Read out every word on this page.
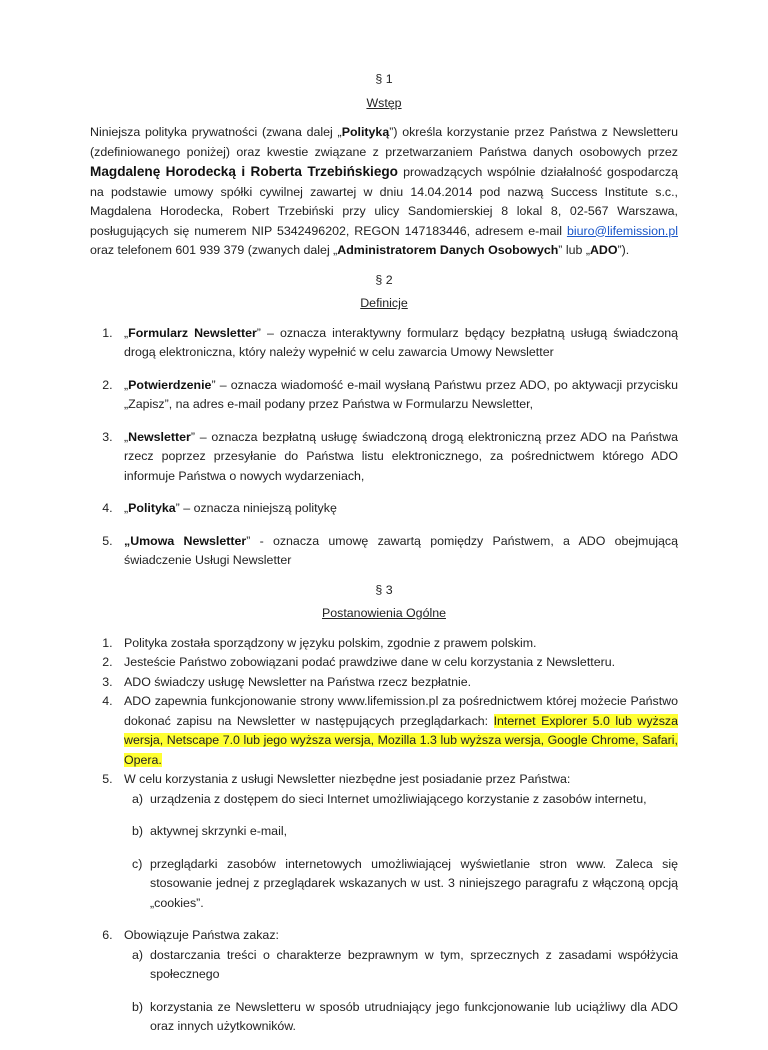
§ 1

Wstęp

Niniejsza polityka prywatności (zwana dalej „Polityką”) określa korzystanie przez Państwa z Newsletteru (zdefiniowanego poniżej) oraz kwestie związane z przetwarzaniem Państwa danych osobowych przez Magdalenę Horodecką i Roberta Trzebińskiego prowadzących wspólnie działalność gospodarczą na podstawie umowy spółki cywilnej zawartej w dniu 14.04.2014 pod nazwą Success Institute s.c., Magdalena Horodecka, Robert Trzebiński przy ulicy Sandomierskiej 8 lokal 8, 02-567 Warszawa, posługujących się numerem NIP 5342496202, REGON 147183446, adresem e-mail biuro@lifemission.pl oraz telefonem 601 939 379 (zwanych dalej „Administratorem Danych Osobowych” lub „ADO”).

§ 2

Definicje

1. „Formularz Newsletter” – oznacza interaktywny formularz będący bezpłatną usługą świadczoną drogą elektroniczna, który należy wypełnić w celu zawarcia Umowy Newsletter
2. „Potwierdzenie” – oznacza wiadomość e-mail wysłaną Państwu przez ADO, po aktywacji przycisku „Zapisz”, na adres e-mail podany przez Państwa w Formularzu Newsletter,
3. „Newsletter” – oznacza bezpłatną usługę świadczoną drogą elektroniczną przez ADO na Państwa rzecz poprzez przesyłanie do Państwa listu elektronicznego, za pośrednictwem którego ADO informuje Państwa o nowych wydarzeniach,
4. „Polityka” – oznacza niniejszą politykę
5. „Umowa Newsletter” - oznacza umowę zawartą pomiędzy Państwem, a ADO obejmującą świadczenie Usługi Newsletter

§ 3

Postanowienia Ogólne

1. Polityka została sporządzony w języku polskim, zgodnie z prawem polskim.
2. Jesteście Państwo zobowiązani podać prawdziwe dane w celu korzystania z Newsletteru.
3. ADO świadczy usługę Newsletter na Państwa rzecz bezpłatnie.
4. ADO zapewnia funkcjonowanie strony www.lifemission.pl za pośrednictwem której możecie Państwo dokonać zapisu na Newsletter w następujących przeglądarkach: Internet Explorer 5.0 lub wyższa wersja, Netscape 7.0 lub jego wyższa wersja, Mozilla 1.3 lub wyższa wersja, Google Chrome, Safari, Opera.
5. W celu korzystania z usługi Newsletter niezbędne jest posiadanie przez Państwa:
a) urządzenia z dostępem do sieci Internet umożliwiającego korzystanie z zasobów internetu,
b) aktywnej skrzynki e-mail,
c) przeglądarki zasobów internetowych umożliwiającej wyświetlanie stron www. Zaleca się stosowanie jednej z przeglądarek wskazanych w ust. 3 niniejszego paragrafu z włączoną opcją „cookies”.
6. Obowiązuje Państwa zakaz:
a) dostarczania treści o charakterze bezprawnym w tym, sprzecznych z zasadami współżycia społecznego
b) korzystania ze Newsletteru w sposób utrudniający jego funkcjonowanie lub uciążliwy dla ADO oraz innych użytkowników.
